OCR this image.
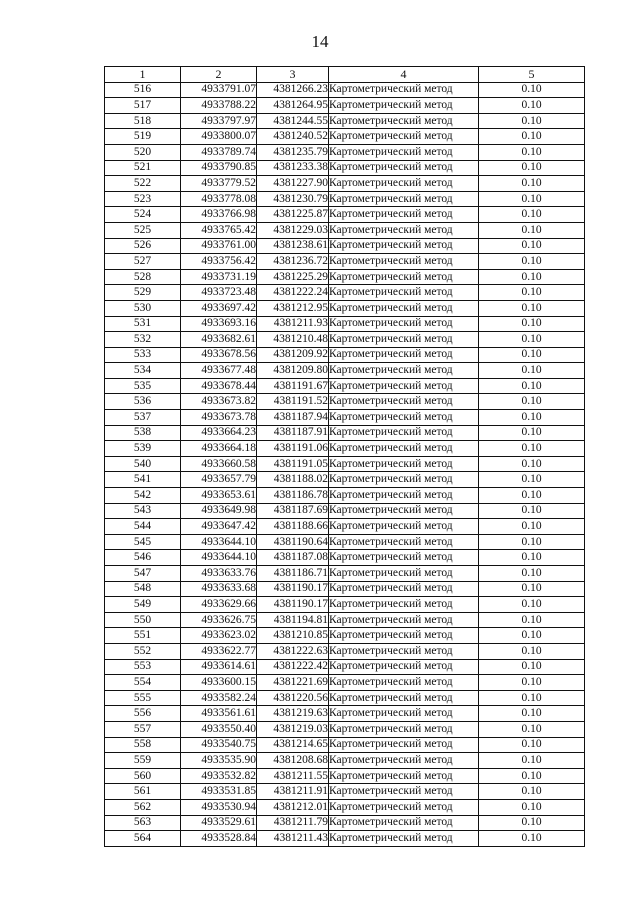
14
1	2	3	4	5
516	4933791.07	4381266.23	Картометрический метод	0.10
517	4933788.22	4381264.95	Картометрический метод	0.10
518	4933797.97	4381244.55	Картометрический метод	0.10
519	4933800.07	4381240.52	Картометрический метод	0.10
520	4933789.74	4381235.79	Картометрический метод	0.10
521	4933790.85	4381233.38	Картометрический метод	0.10
522	4933779.52	4381227.90	Картометрический метод	0.10
523	4933778.08	4381230.79	Картометрический метод	0.10
524	4933766.98	4381225.87	Картометрический метод	0.10
525	4933765.42	4381229.03	Картометрический метод	0.10
526	4933761.00	4381238.61	Картометрический метод	0.10
527	4933756.42	4381236.72	Картометрический метод	0.10
528	4933731.19	4381225.29	Картометрический метод	0.10
529	4933723.48	4381222.24	Картометрический метод	0.10
530	4933697.42	4381212.95	Картометрический метод	0.10
531	4933693.16	4381211.93	Картометрический метод	0.10
532	4933682.61	4381210.48	Картометрический метод	0.10
533	4933678.56	4381209.92	Картометрический метод	0.10
534	4933677.48	4381209.80	Картометрический метод	0.10
535	4933678.44	4381191.67	Картометрический метод	0.10
536	4933673.82	4381191.52	Картометрический метод	0.10
537	4933673.78	4381187.94	Картометрический метод	0.10
538	4933664.23	4381187.91	Картометрический метод	0.10
539	4933664.18	4381191.06	Картометрический метод	0.10
540	4933660.58	4381191.05	Картометрический метод	0.10
541	4933657.79	4381188.02	Картометрический метод	0.10
542	4933653.61	4381186.78	Картометрический метод	0.10
543	4933649.98	4381187.69	Картометрический метод	0.10
544	4933647.42	4381188.66	Картометрический метод	0.10
545	4933644.10	4381190.64	Картометрический метод	0.10
546	4933644.10	4381187.08	Картометрический метод	0.10
547	4933633.76	4381186.71	Картометрический метод	0.10
548	4933633.68	4381190.17	Картометрический метод	0.10
549	4933629.66	4381190.17	Картометрический метод	0.10
550	4933626.75	4381194.81	Картометрический метод	0.10
551	4933623.02	4381210.85	Картометрический метод	0.10
552	4933622.77	4381222.63	Картометрический метод	0.10
553	4933614.61	4381222.42	Картометрический метод	0.10
554	4933600.15	4381221.69	Картометрический метод	0.10
555	4933582.24	4381220.56	Картометрический метод	0.10
556	4933561.61	4381219.63	Картометрический метод	0.10
557	4933550.40	4381219.03	Картометрический метод	0.10
558	4933540.75	4381214.65	Картометрический метод	0.10
559	4933535.90	4381208.68	Картометрический метод	0.10
560	4933532.82	4381211.55	Картометрический метод	0.10
561	4933531.85	4381211.91	Картометрический метод	0.10
562	4933530.94	4381212.01	Картометрический метод	0.10
563	4933529.61	4381211.79	Картометрический метод	0.10
564	4933528.84	4381211.43	Картометрический метод	0.10
